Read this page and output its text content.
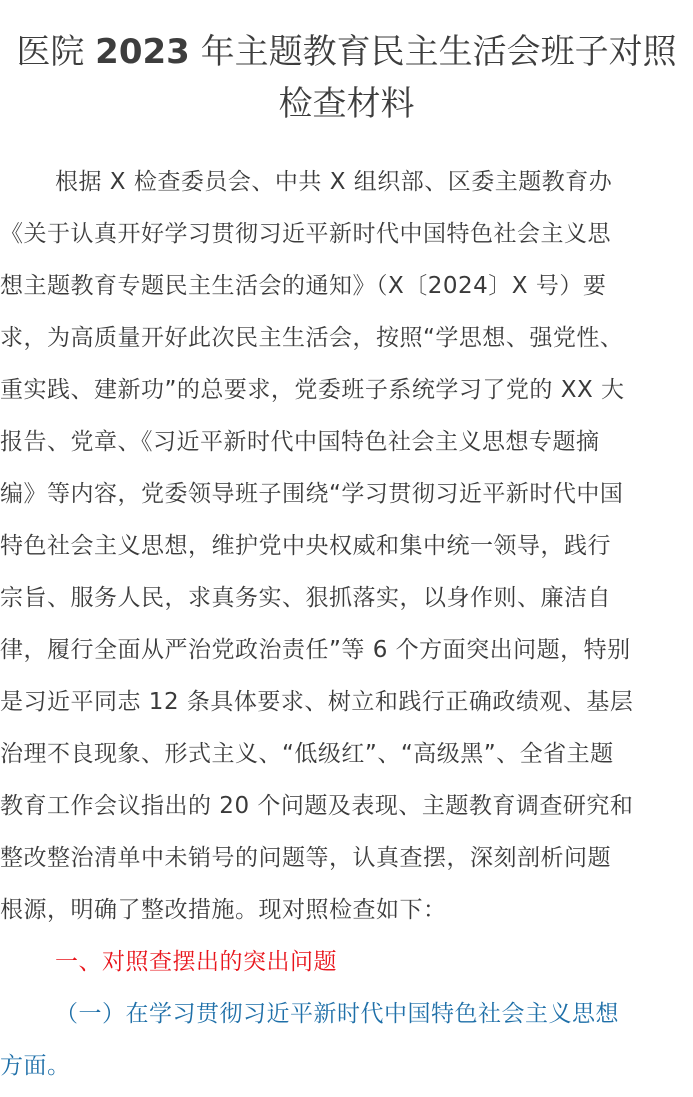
医院 2023 年主题教育民主生活会班子对照
检查材料
根据 X 检查委员会、中共 X 组织部、区委主题教育办
《关于认真开好学习贯彻习近平新时代中国特色社会主义思
想主题教育专题民主生活会的通知》（X〔2024〕X 号）要
求，为高质量开好此次民主生活会，按照“学思想、强党性、
重实践、建新功”的总要求，党委班子系统学习了党的 XX 大
报告、党章、《习近平新时代中国特色社会主义思想专题摘
编》等内容，党委领导班子围绕“学习贯彻习近平新时代中国
特色社会主义思想，维护党中央权威和集中统一领导，践行
宗旨、服务人民，求真务实、狠抓落实，以身作则、廉洁自
律，履行全面从严治党政治责任”等 6 个方面突出问题，特别
是习近平同志 12 条具体要求、树立和践行正确政绩观、基层
治理不良现象、形式主义、“低级红”、“高级黑”、全省主题
教育工作会议指出的 20 个问题及表现、主题教育调查研究和
整改整治清单中未销号的问题等，认真查摆，深刻剖析问题
根源，明确了整改措施。现对照检查如下：
一、对照查摆出的突出问题
（一）在学习贯彻习近平新时代中国特色社会主义思想
方面。
